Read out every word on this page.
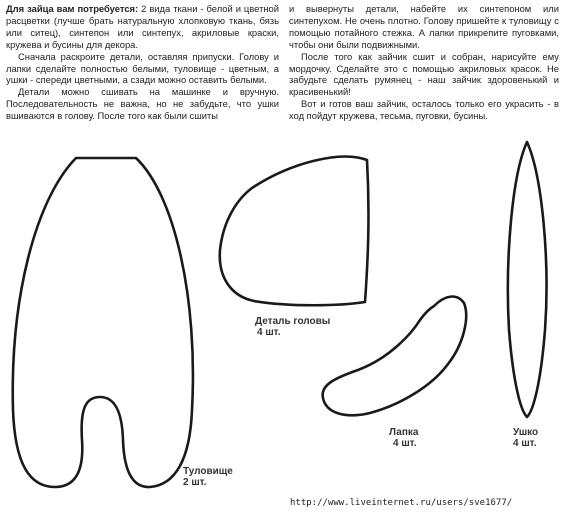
Для зайца вам потребуется: 2 вида ткани - белой и цветной расцветки (лучше брать натуральную хлопковую ткань, бязь или ситец), синтепон или синтепух, акриловые краски, кружева и бусины для декора.

Сначала раскроите детали, оставляя припуски. Голову и лапки сделайте полностью белыми, туловище - цветным, а ушки - спереди цветными, а сзади можно оставить белыми.

Детали можно сшивать на машинке и вручную. Последовательность не важна, но не забудьте, что ушки вшиваются в голову. После того как были сшиты

и вывернуты детали, набейте их синтепоном или синтепухом. Не очень плотно. Голову пришейте к туловищу с помощью потайного стежка. А лапки прикрепите пуговками, чтобы они были подвижными.

После того как зайчик сшит и собран, нарисуйте ему мордочку. Сделайте это с помощью акриловых красок. Не забудьте сделать румянец - наш зайчик здоровенький и красивенький!

Вот и готов ваш зайчик, осталось только его украсить - в ход пойдут кружева, тесьма, пуговки, бусины.

Деталь головы
4 шт.
Лапка
4 шт.
Ушко
4 шт.
Туловище
2 шт.
http://www.liveinternet.ru/users/sve1677/
